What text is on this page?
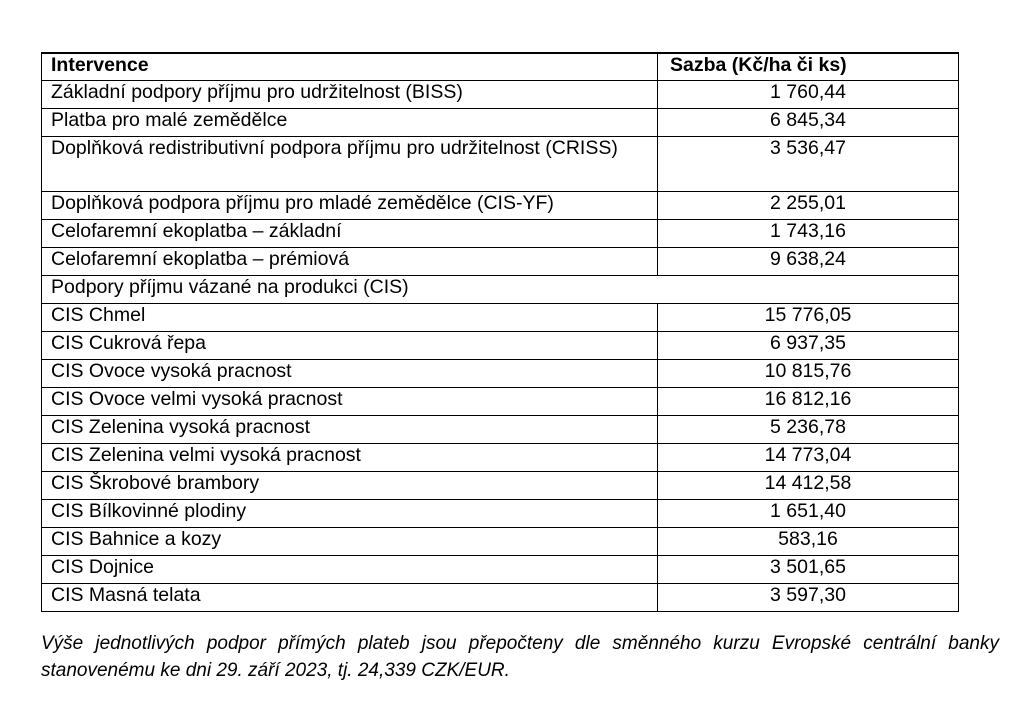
Intervence	Sazba (Kč/ha či ks)
Základní podpory příjmu pro udržitelnost (BISS)	1 760,44
Platba pro malé zemědělce	6 845,34
Doplňková redistributivní podpora příjmu pro udržitelnost (CRISS)	3 536,47
Doplňková podpora příjmu pro mladé zemědělce (CIS-YF)	2 255,01
Celofaremní ekoplatba – základní	1 743,16
Celofaremní ekoplatba – prémiová	9 638,24
Podpory příjmu vázané na produkci (CIS)	
CIS Chmel	15 776,05
CIS Cukrová řepa	6 937,35
CIS Ovoce vysoká pracnost	10 815,76
CIS Ovoce velmi vysoká pracnost	16 812,16
CIS Zelenina vysoká pracnost	5 236,78
CIS Zelenina velmi vysoká pracnost	14 773,04
CIS Škrobové brambory	14 412,58
CIS Bílkovinné plodiny	1 651,40
CIS Bahnice a kozy	583,16
CIS Dojnice	3 501,65
CIS Masná telata	3 597,30

Výše jednotlivých podpor přímých plateb jsou přepočteny dle směnného kurzu Evropské centrální banky stanovenému ke dni 29. září 2023, tj. 24,339 CZK/EUR.
